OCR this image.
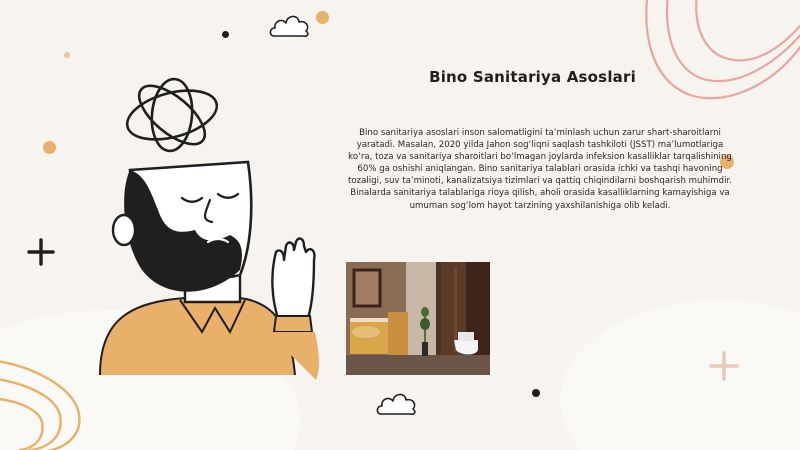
Bino Sanitariya Asoslari
Bino sanitariya asoslari inson salomatligini ta’minlash uchun zarur shart-sharoitlarni yaratadi. Masalan, 2020 yilda Jahon sog‘liqni saqlash tashkiloti (JSST) ma’lumotlariga ko‘ra, toza va sanitariya sharoitlari bo‘lmagan joylarda infeksion kasalliklar tarqalishining 60% ga oshishi aniqlangan. Bino sanitariya talablari orasida ichki va tashqi havoning tozaligi, suv ta’minoti, kanalizatsiya tizimlari va qattiq chiqindilarni boshqarish muhimdir. Binalarda sanitariya talablariga rioya qilish, aholi orasida kasalliklarning kamayishiga va umuman sog‘lom hayot tarzining yaxshilanishiga olib keladi.
